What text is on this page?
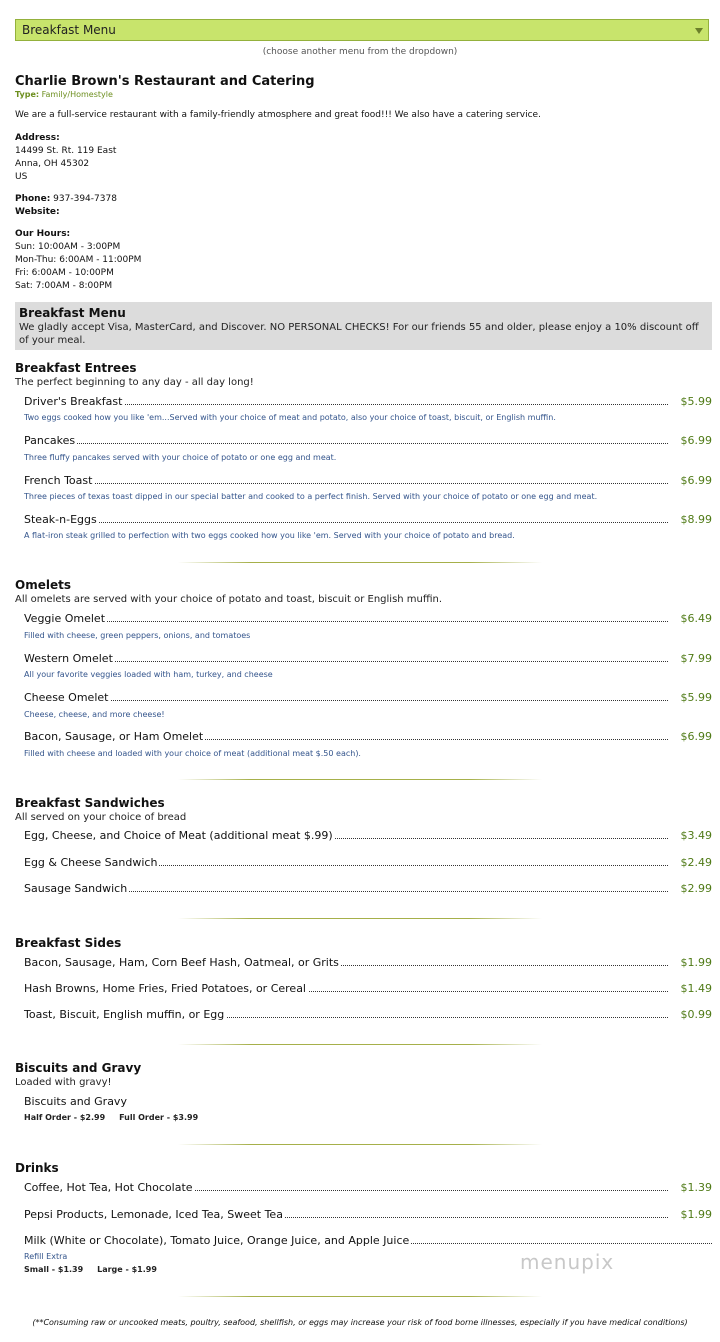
Breakfast Menu
(choose another menu from the dropdown)
Charlie Brown's Restaurant and Catering
Type: Family/Homestyle
We are a full-service restaurant with a family-friendly atmosphere and great food!!! We also have a catering service.
Address:
14499 St. Rt. 119 East
Anna, OH 45302
US
Phone: 937-394-7378
Website:
Our Hours:
Sun: 10:00AM - 3:00PM
Mon-Thu: 6:00AM - 11:00PM
Fri: 6:00AM - 10:00PM
Sat: 7:00AM - 8:00PM
Breakfast Menu
We gladly accept Visa, MasterCard, and Discover. NO PERSONAL CHECKS! For our friends 55 and older, please enjoy a 10% discount off of your meal.
Breakfast Entrees
The perfect beginning to any day - all day long!
Driver's Breakfast	$5.99
Two eggs cooked how you like 'em...Served with your choice of meat and potato, also your choice of toast, biscuit, or English muffin.
Pancakes	$6.99
Three fluffy pancakes served with your choice of potato or one egg and meat.
French Toast	$6.99
Three pieces of texas toast dipped in our special batter and cooked to a perfect finish. Served with your choice of potato or one egg and meat.
Steak-n-Eggs	$8.99
A flat-iron steak grilled to perfection with two eggs cooked how you like 'em. Served with your choice of potato and bread.
Omelets
All omelets are served with your choice of potato and toast, biscuit or English muffin.
Veggie Omelet	$6.49
Filled with cheese, green peppers, onions, and tomatoes
Western Omelet	$7.99
All your favorite veggies loaded with ham, turkey, and cheese
Cheese Omelet	$5.99
Cheese, cheese, and more cheese!
Bacon, Sausage, or Ham Omelet	$6.99
Filled with cheese and loaded with your choice of meat (additional meat $.50 each).
Breakfast Sandwiches
All served on your choice of bread
Egg, Cheese, and Choice of Meat (additional meat $.99)	$3.49
Egg & Cheese Sandwich	$2.49
Sausage Sandwich	$2.99
Breakfast Sides
Bacon, Sausage, Ham, Corn Beef Hash, Oatmeal, or Grits	$1.99
Hash Browns, Home Fries, Fried Potatoes, or Cereal	$1.49
Toast, Biscuit, English muffin, or Egg	$0.99
Biscuits and Gravy
Loaded with gravy!
Biscuits and Gravy
Half Order - $2.99     Full Order - $3.99
Drinks
Coffee, Hot Tea, Hot Chocolate	$1.39
Pepsi Products, Lemonade, Iced Tea, Sweet Tea	$1.99
Milk (White or Chocolate), Tomato Juice, Orange Juice, and Apple Juice
Refill Extra
Small - $1.39     Large - $1.99	menupix
(**Consuming raw or uncooked meats, poultry, seafood, shellfish, or eggs may increase your risk of food borne illnesses, especially if you have medical conditions)
